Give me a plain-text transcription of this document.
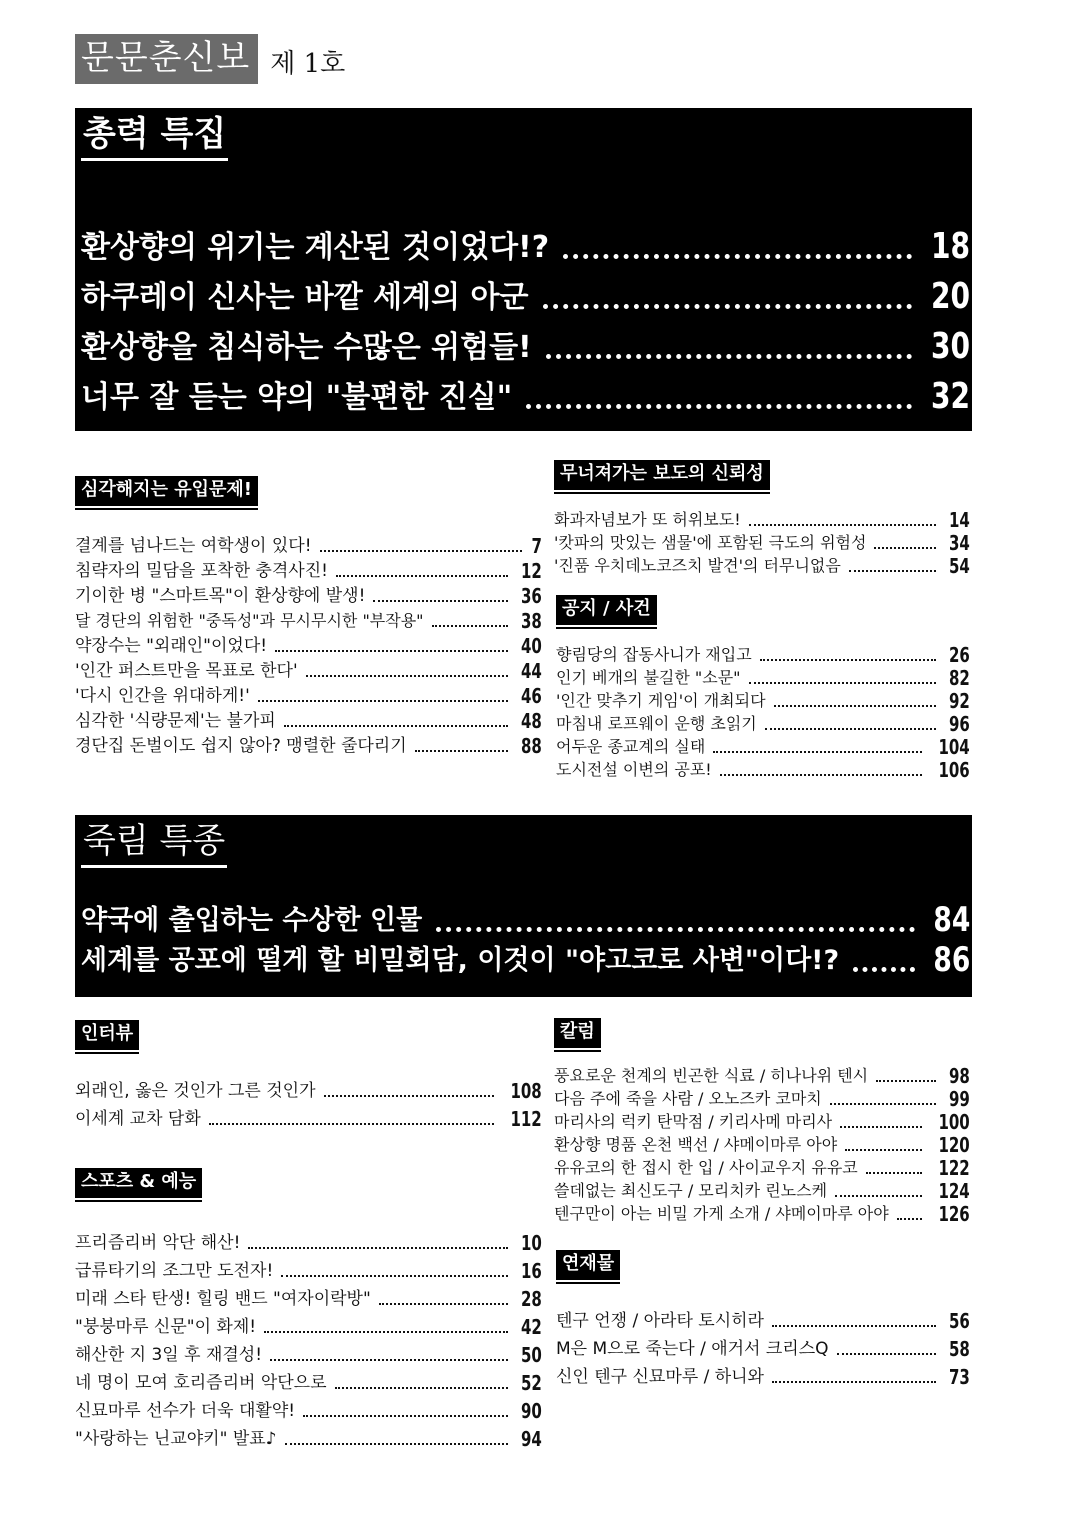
문문춘신보 제 1호
총력 특집
환상향의 위기는 계산된 것이었다!?	18
하쿠레이 신사는 바깥 세계의 아군	20
환상향을 침식하는 수많은 위험들!	30
너무 잘 듣는 약의 "불편한 진실"	32
심각해지는 유입문제!
결계를 넘나드는 여학생이 있다!	7
침략자의 밀담을 포착한 충격사진!	12
기이한 병 "스마트목"이 환상향에 발생!	36
달 경단의 위험한 "중독성"과 무시무시한 "부작용"	38
약장수는 "외래인"이었다!	40
'인간 퍼스트만을 목표로 한다'	44
'다시 인간을 위대하게!'	46
심각한 '식량문제'는 불가피	48
경단집 돈벌이도 쉽지 않아? 맹렬한 줄다리기	88
무너져가는 보도의 신뢰성
화과자념보가 또 허위보도!	14
'캇파의 맛있는 샘물'에 포함된 극도의 위험성	34
'진품 우치데노코즈치 발견'의 터무니없음	54
공지 / 사건
향림당의 잡동사니가 재입고	26
인기 베개의 불길한 "소문"	82
'인간 맞추기 게임'이 개최되다	92
마침내 로프웨이 운행 초읽기	96
어두운 종교계의 실태	104
도시전설 이변의 공포!	106
죽림 특종
약국에 출입하는 수상한 인물	84
세계를 공포에 떨게 할 비밀회담, 이것이 "야고코로 사변"이다!?	86
인터뷰
외래인, 옳은 것인가 그른 것인가	108
이세계 교차 담화	112
스포츠 & 예능
프리즘리버 악단 해산!	10
급류타기의 조그만 도전자!	16
미래 스타 탄생! 힐링 밴드 "여자이락방"	28
"붕붕마루 신문"이 화제!	42
해산한 지 3일 후 재결성!	50
네 명이 모여 호리즘리버 악단으로	52
신묘마루 선수가 더욱 대활약!	90
"사랑하는 닌교야키" 발표♪	94
칼럼
풍요로운 천계의 빈곤한 식료 / 히나나위 텐시	98
다음 주에 죽을 사람 / 오노즈카 코마치	99
마리사의 럭키 탄막점 / 키리사메 마리사	100
환상향 명품 온천 백선 / 샤메이마루 아야	120
유유코의 한 접시 한 입 / 사이교우지 유유코	122
쓸데없는 최신도구 / 모리치카 린노스케	124
텐구만이 아는 비밀 가게 소개 / 샤메이마루 아야	126
연재물
텐구 언쟁 / 아라타 토시히라	56
M은 M으로 죽는다 / 애거서 크리스Q	58
신인 텐구 신묘마루 / 하니와	73
